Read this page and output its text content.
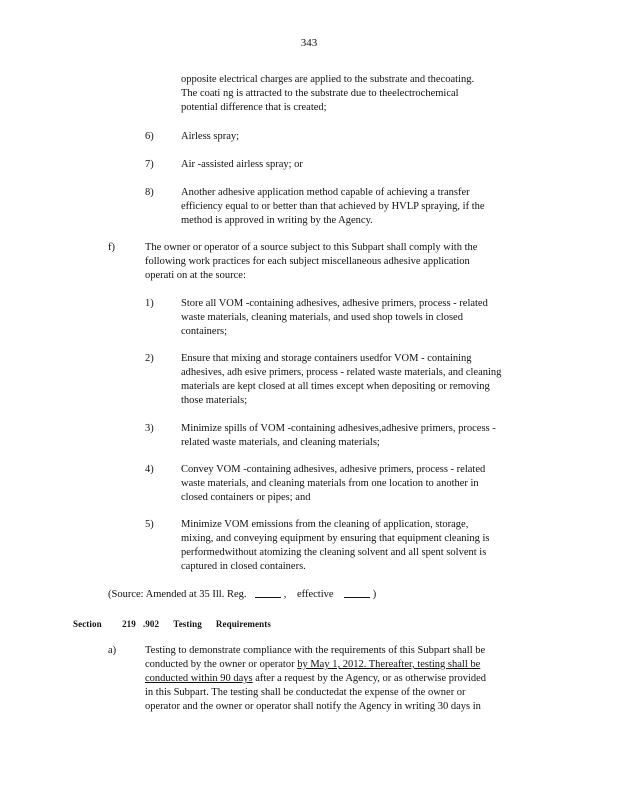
343
opposite electrical charges are applied to the substrate and thecoating.
The coati ng is attracted to the substrate due to theelectrochemical
potential difference that is created;
6)	Airless spray;
7)	Air -assisted airless spray; or
8)	Another adhesive application method capable of achieving a transfer
efficiency equal to or better than that achieved by HVLP spraying, if the
method is approved in writing by the Agency.
f)	The owner or operator of a source subject to this Subpart shall comply with the
following work practices for each subject miscellaneous adhesive application
operati on at the source:
1)	Store all VOM -containing adhesives, adhesive primers, process - related
waste materials, cleaning materials, and used shop towels in closed
containers;
2)	Ensure that mixing and storage containers usedfor VOM - containing
adhesives, adh esive primers, process - related waste materials, and cleaning
materials are kept closed at all times except when depositing or removing
those materials;
3)	Minimize spills of VOM -containing adhesives,adhesive primers, process -
related waste materials, and cleaning materials;
4)	Convey VOM -containing adhesives, adhesive primers, process - related
waste materials, and cleaning materials from one location to another in
closed containers or pipes; and
5)	Minimize VOM emissions from the cleaning of application, storage,
mixing, and conveying equipment by ensuring that equipment cleaning is
performedwithout atomizing the cleaning solvent and all spent solvent is
captured in closed containers.
(Source: Amended at 35 Ill. Reg.	, effective	)
Section 219   .902 Testing      Requirements
a)	Testing to demonstrate compliance with the requirements of this Subpart shall be
conducted by the owner or operator by May 1, 2012. Thereafter, testing shall be
conducted within 90 days after a request by the Agency, or as otherwise provided
in this Subpart. The testing shall be conductedat the expense of the owner or
operator and the owner or operator shall notify the Agency in writing 30 days in
